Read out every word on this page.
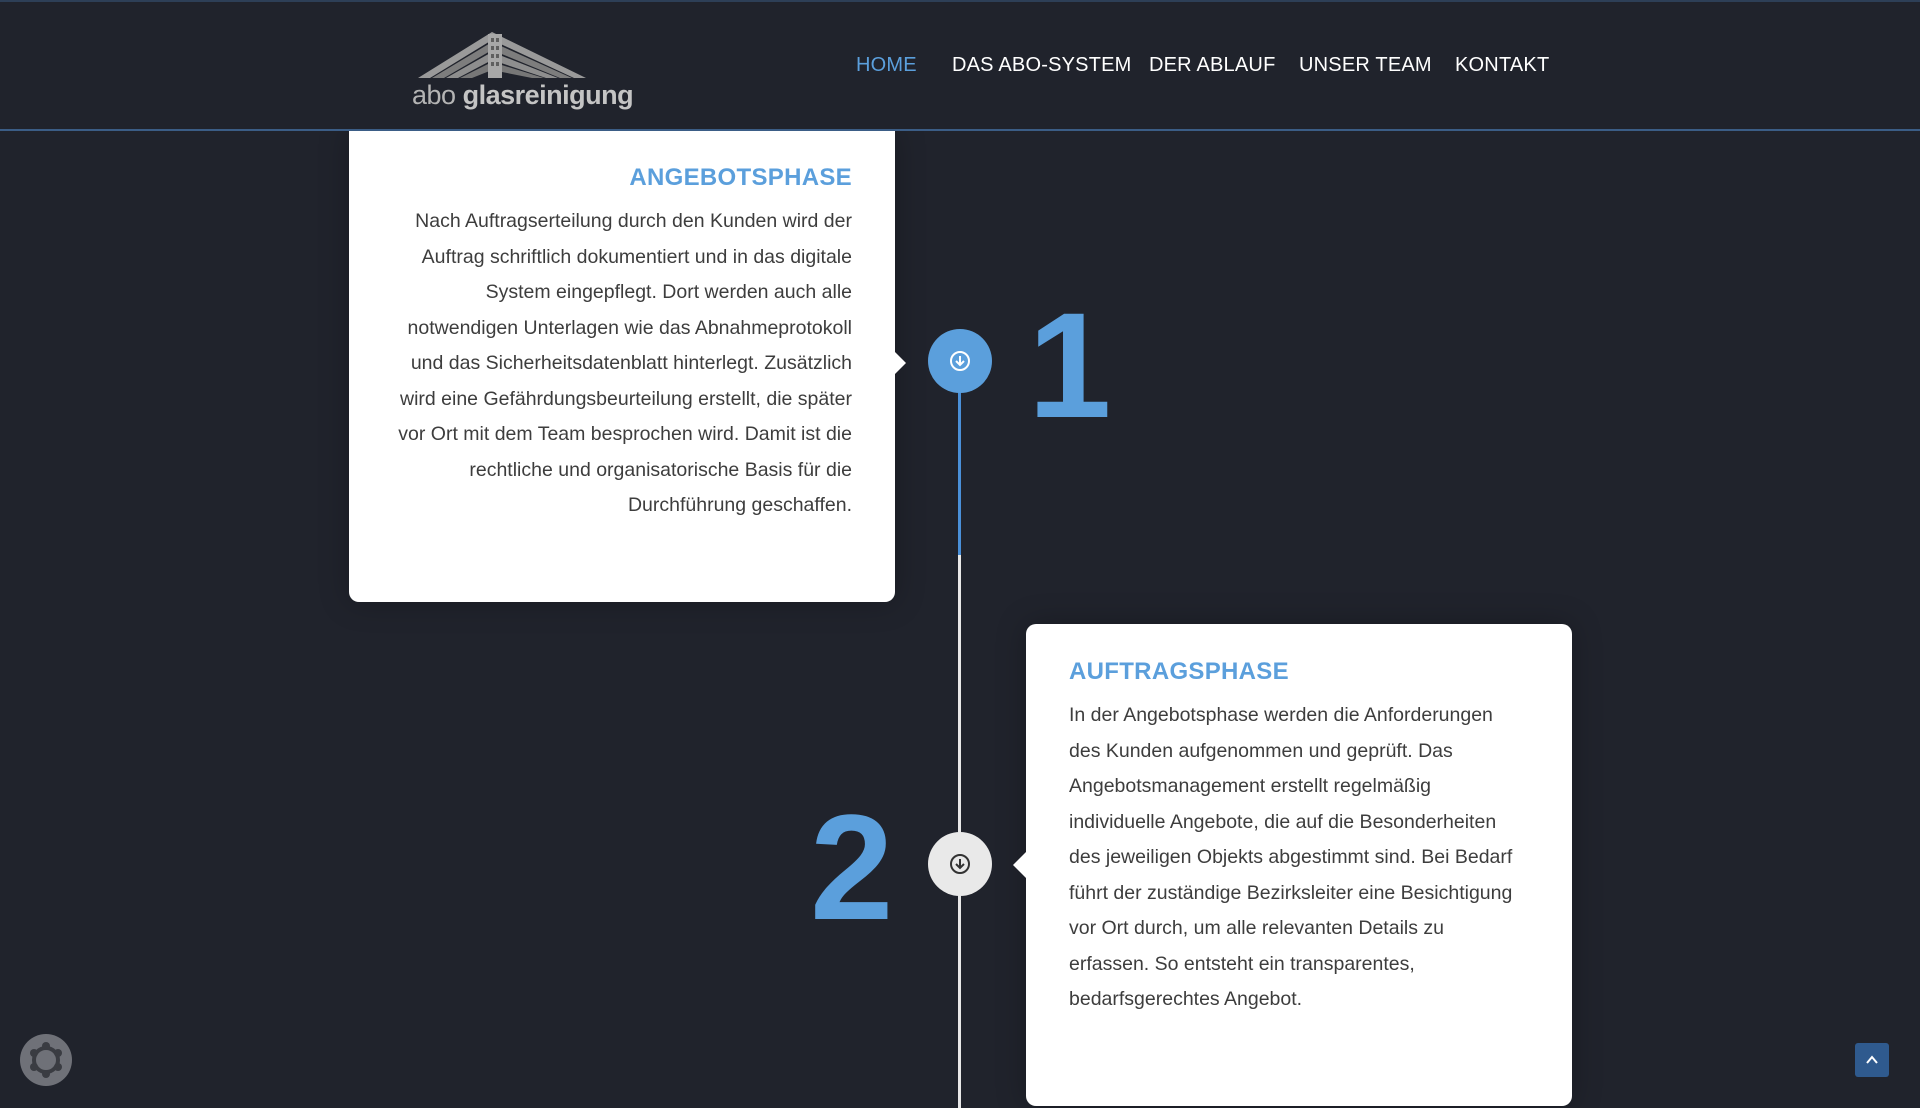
abo glasreinigung
HOME DAS ABO-SYSTEM DER ABLAUF UNSER TEAM KONTAKT
ANGEBOTSPHASE

Nach Auftragserteilung durch den Kunden wird der Auftrag schriftlich dokumentiert und in das digitale System eingepflegt. Dort werden auch alle notwendigen Unterlagen wie das Abnahmeprotokoll und das Sicherheitsdatenblatt hinterlegt. Zusätzlich wird eine Gefährdungsbeurteilung erstellt, die später vor Ort mit dem Team besprochen wird. Damit ist die rechtliche und organisatorische Basis für die Durchführung geschaffen.

1
AUFTRAGSPHASE

In der Angebotsphase werden die Anforderungen des Kunden aufgenommen und geprüft. Das Angebotsmanagement erstellt regelmäßig individuelle Angebote, die auf die Besonderheiten des jeweiligen Objekts abgestimmt sind. Bei Bedarf führt der zuständige Bezirksleiter eine Besichtigung vor Ort durch, um alle relevanten Details zu erfassen. So entsteht ein transparentes, bedarfsgerechtes Angebot.

2
